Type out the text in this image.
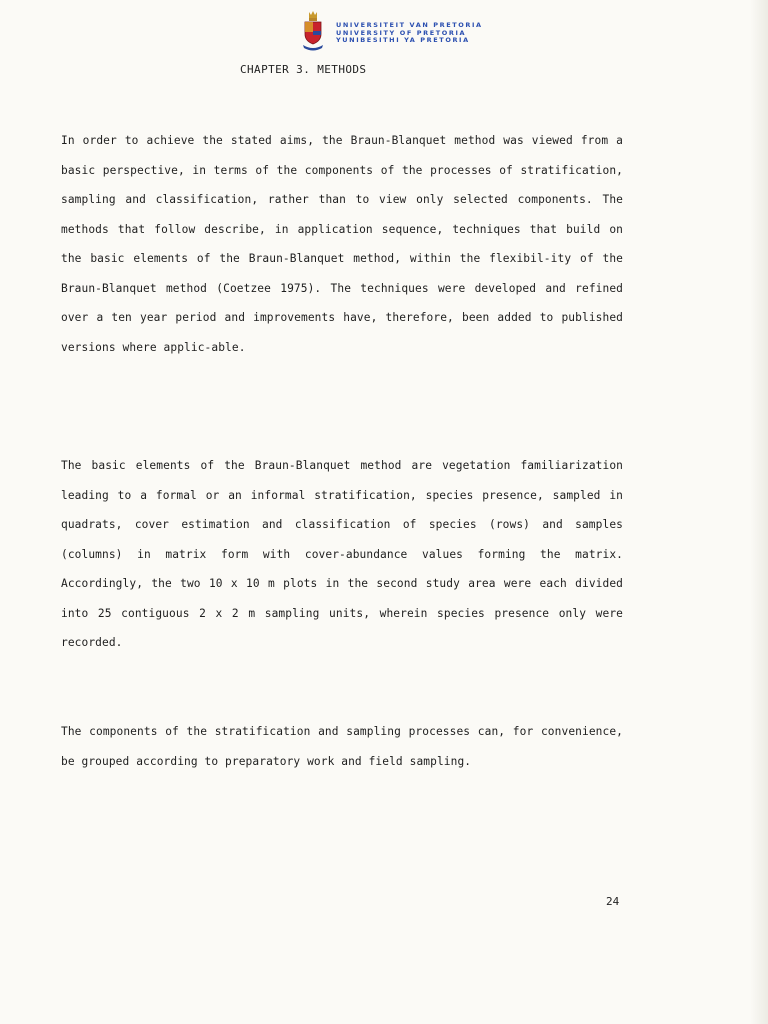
UNIVERSITEIT VAN PRETORIA
UNIVERSITY OF PRETORIA
YUNIBESITHI YA PRETORIA
CHAPTER 3. METHODS

In order to achieve the stated aims, the Braun-Blanquet method was viewed from a basic perspective, in terms of the components of the processes of stratification, sampling and classification, rather than to view only selected components. The methods that follow describe, in application sequence, techniques that build on the basic elements of the Braun-Blanquet method, within the flexibil-ity of the Braun-Blanquet method (Coetzee 1975). The techniques were developed and refined over a ten year period and improvements have, therefore, been added to published versions where applic-able.

The basic elements of the Braun-Blanquet method are vegetation familiarization leading to a formal or an informal stratification, species presence, sampled in quadrats, cover estimation and classification of species (rows) and samples (columns) in matrix form with cover-abundance values forming the matrix. Accordingly, the two 10 x 10 m plots in the second study area were each divided into 25 contiguous 2 x 2 m sampling units, wherein species presence only were recorded.

The components of the stratification and sampling processes can, for convenience, be grouped according to preparatory work and field sampling.

24
